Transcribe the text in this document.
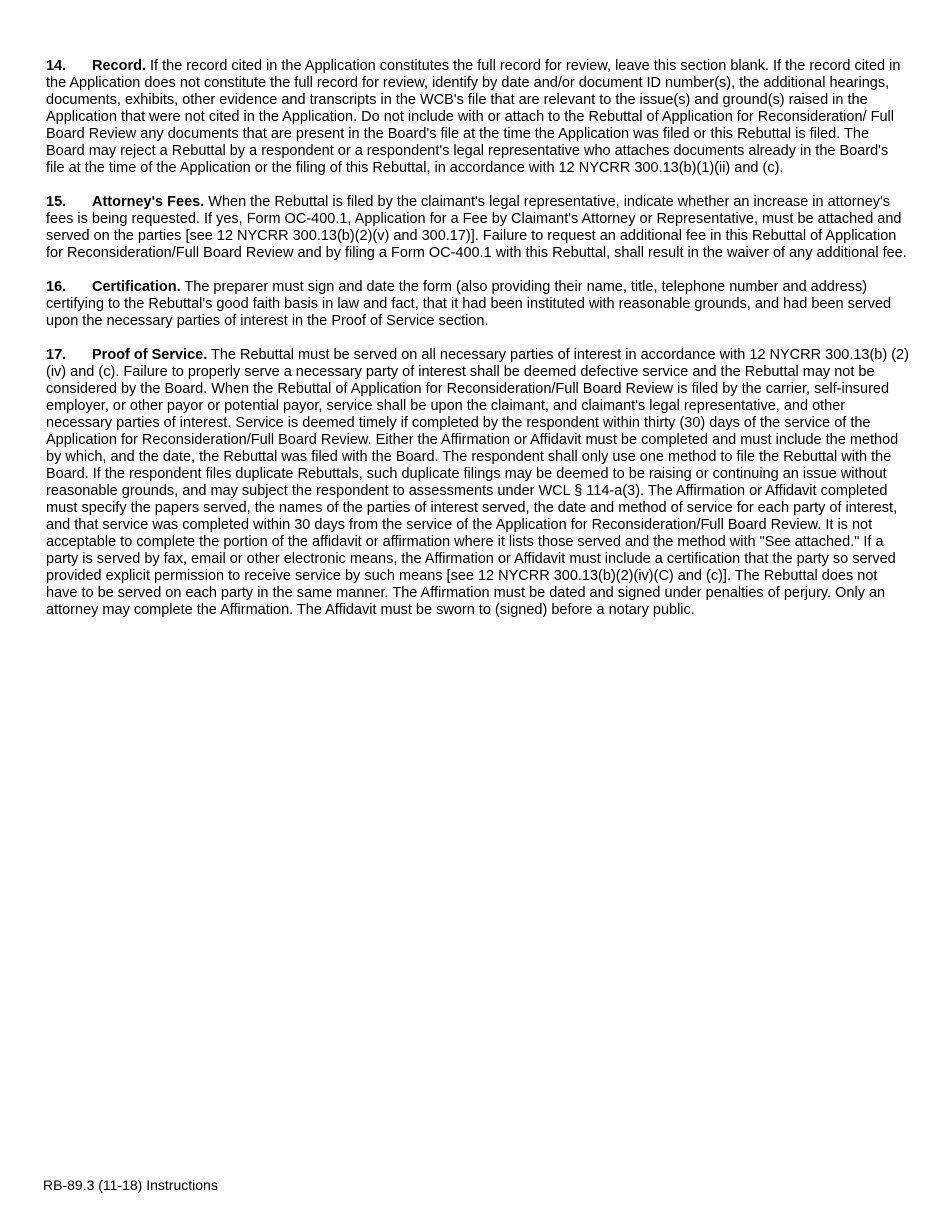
14. Record. If the record cited in the Application constitutes the full record for review, leave this section blank. If the record cited in the Application does not constitute the full record for review, identify by date and/or document ID number(s), the additional hearings, documents, exhibits, other evidence and transcripts in the WCB's file that are relevant to the issue(s) and ground(s) raised in the Application that were not cited in the Application. Do not include with or attach to the Rebuttal of Application for Reconsideration/ Full Board Review any documents that are present in the Board's file at the time the Application was filed or this Rebuttal is filed. The Board may reject a Rebuttal by a respondent or a respondent's legal representative who attaches documents already in the Board's file at the time of the Application or the filing of this Rebuttal, in accordance with 12 NYCRR 300.13(b)(1)(ii) and (c).

15. Attorney's Fees. When the Rebuttal is filed by the claimant's legal representative, indicate whether an increase in attorney's fees is being requested. If yes, Form OC-400.1, Application for a Fee by Claimant's Attorney or Representative, must be attached and served on the parties [see 12 NYCRR 300.13(b)(2)(v) and 300.17)]. Failure to request an additional fee in this Rebuttal of Application for Reconsideration/Full Board Review and by filing a Form OC-400.1 with this Rebuttal, shall result in the waiver of any additional fee.

16. Certification. The preparer must sign and date the form (also providing their name, title, telephone number and address) certifying to the Rebuttal's good faith basis in law and fact, that it had been instituted with reasonable grounds, and had been served upon the necessary parties of interest in the Proof of Service section.

17. Proof of Service. The Rebuttal must be served on all necessary parties of interest in accordance with 12 NYCRR 300.13(b) (2)(iv) and (c). Failure to properly serve a necessary party of interest shall be deemed defective service and the Rebuttal may not be considered by the Board. When the Rebuttal of Application for Reconsideration/Full Board Review is filed by the carrier, self-insured employer, or other payor or potential payor, service shall be upon the claimant, and claimant's legal representative, and other necessary parties of interest. Service is deemed timely if completed by the respondent within thirty (30) days of the service of the Application for Reconsideration/Full Board Review. Either the Affirmation or Affidavit must be completed and must include the method by which, and the date, the Rebuttal was filed with the Board. The respondent shall only use one method to file the Rebuttal with the Board. If the respondent files duplicate Rebuttals, such duplicate filings may be deemed to be raising or continuing an issue without reasonable grounds, and may subject the respondent to assessments under WCL § 114-a(3). The Affirmation or Affidavit completed must specify the papers served, the names of the parties of interest served, the date and method of service for each party of interest, and that service was completed within 30 days from the service of the Application for Reconsideration/Full Board Review. It is not acceptable to complete the portion of the affidavit or affirmation where it lists those served and the method with "See attached." If a party is served by fax, email or other electronic means, the Affirmation or Affidavit must include a certification that the party so served provided explicit permission to receive service by such means [see 12 NYCRR 300.13(b)(2)(iv)(C) and (c)]. The Rebuttal does not have to be served on each party in the same manner. The Affirmation must be dated and signed under penalties of perjury. Only an attorney may complete the Affirmation. The Affidavit must be sworn to (signed) before a notary public.

RB-89.3 (11-18) Instructions
